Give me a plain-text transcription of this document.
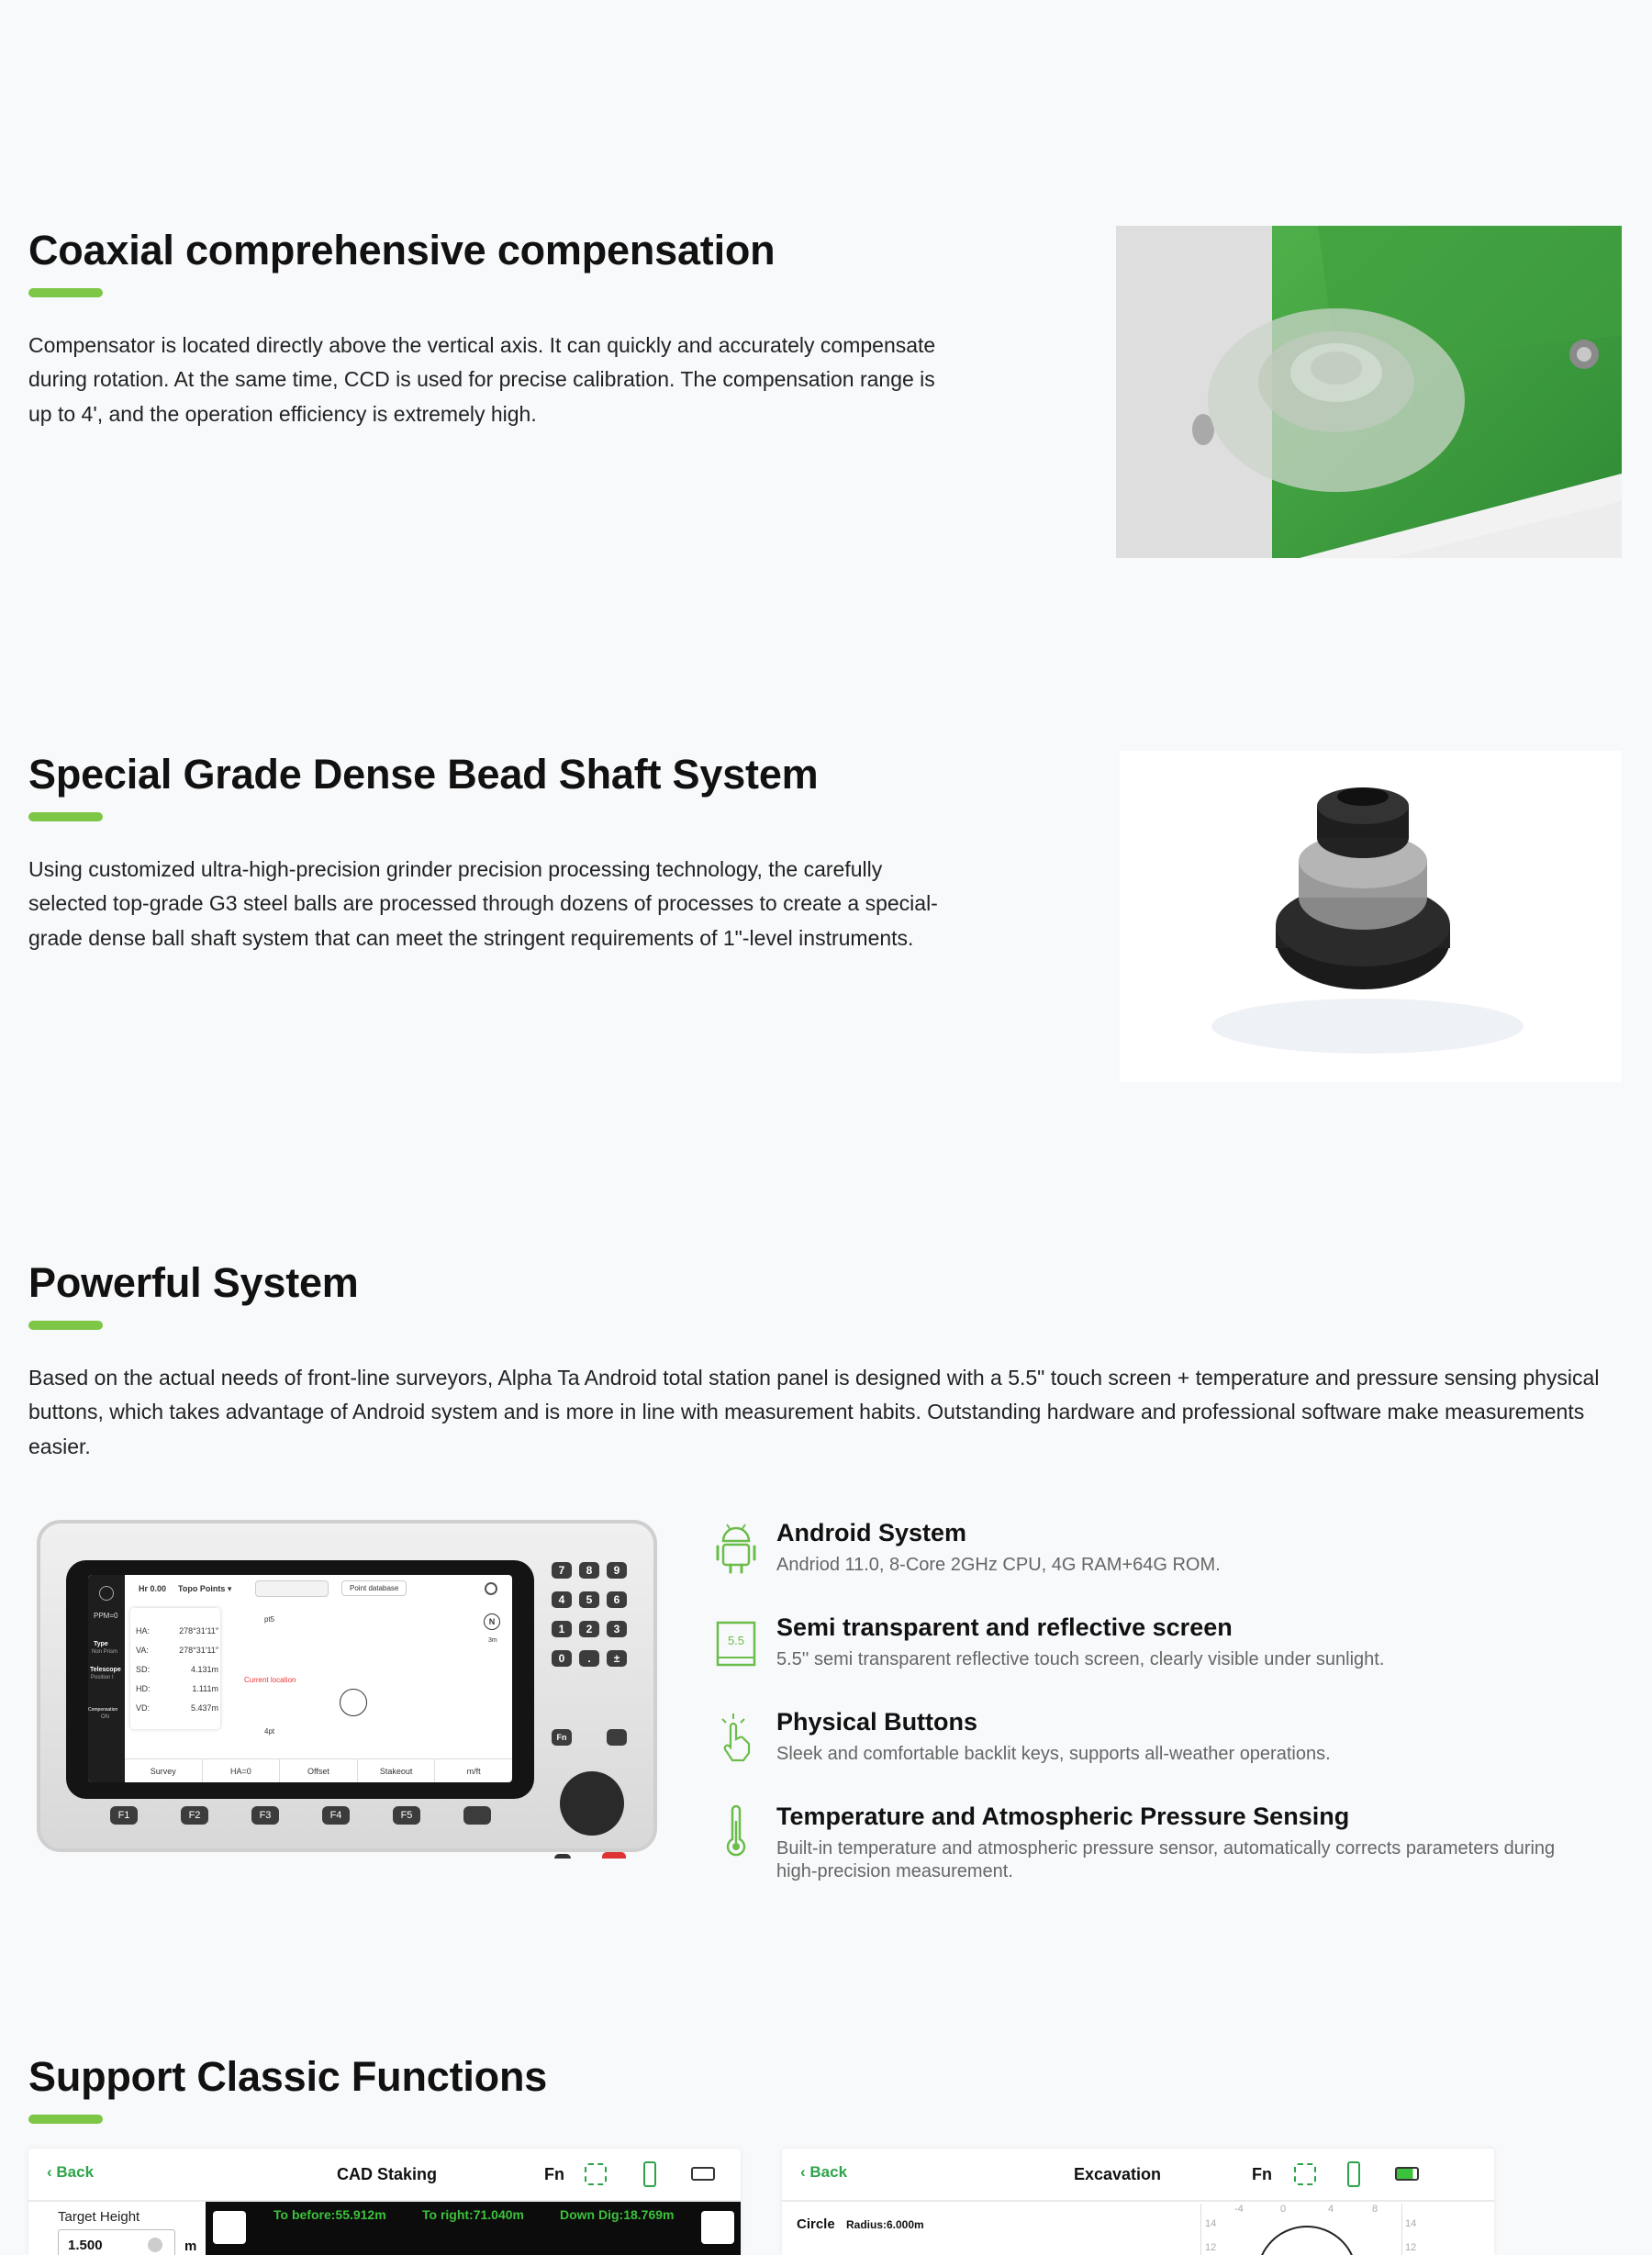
Coaxial comprehensive compensation

Compensator is located directly above the vertical axis. It can quickly and accurately compensate during rotation. At the same time, CCD is used for precise calibration. The compensation range is up to 4', and the operation efficiency is extremely high.

Special Grade Dense Bead Shaft System

Using customized ultra-high-precision grinder precision processing technology, the carefully selected top-grade G3 steel balls are processed through dozens of processes to create a special-grade dense ball shaft system that can meet the stringent requirements of 1"-level instruments.

Powerful System

Based on the actual needs of front-line surveyors, Alpha Ta Android total station panel is designed with a 5.5" touch screen + temperature and pressure sensing physical buttons, which takes advantage of Android system and is more in line with measurement habits. Outstanding hardware and professional software make measurements easier.

PPM=0
Type
Non Prism
Telescope
Position I
Compensation
ON
Hr 0.00 Topo Points ▾	Point database
HA:	278°31′11″
VA:	278°31′11″
SD:	4.131m
HD:	1.111m
VD:	5.437m
pt5
Current location
4pt
N
3m
Survey	HA=0	Offset	Stakeout	m/ft
7	8	9
4	5	6
1	2	3
0	.	±
Fn
F1	F2	F3	F4	F5
Android System
Andriod 11.0, 8-Core 2GHz CPU, 4G RAM+64G ROM.
5.5 Semi transparent and reflective screen
5.5'' semi transparent reflective touch screen, clearly visible under sunlight.
Physical Buttons
Sleek and comfortable backlit keys, supports all-weather operations.
Temperature and Atmospheric Pressure Sensing
Built-in temperature and atmospheric pressure sensor, automatically corrects parameters during high-precision measurement.
Support Classic Functions
‹ Back	CAD Staking	Fn
Target Height
1.500	m
To before:55.912m	To right:71.040m	Down Dig:18.769m
‹ Back	Excavation	Fn
Circle Radius:6.000m
-4	0	4	8
14
12
14
12
